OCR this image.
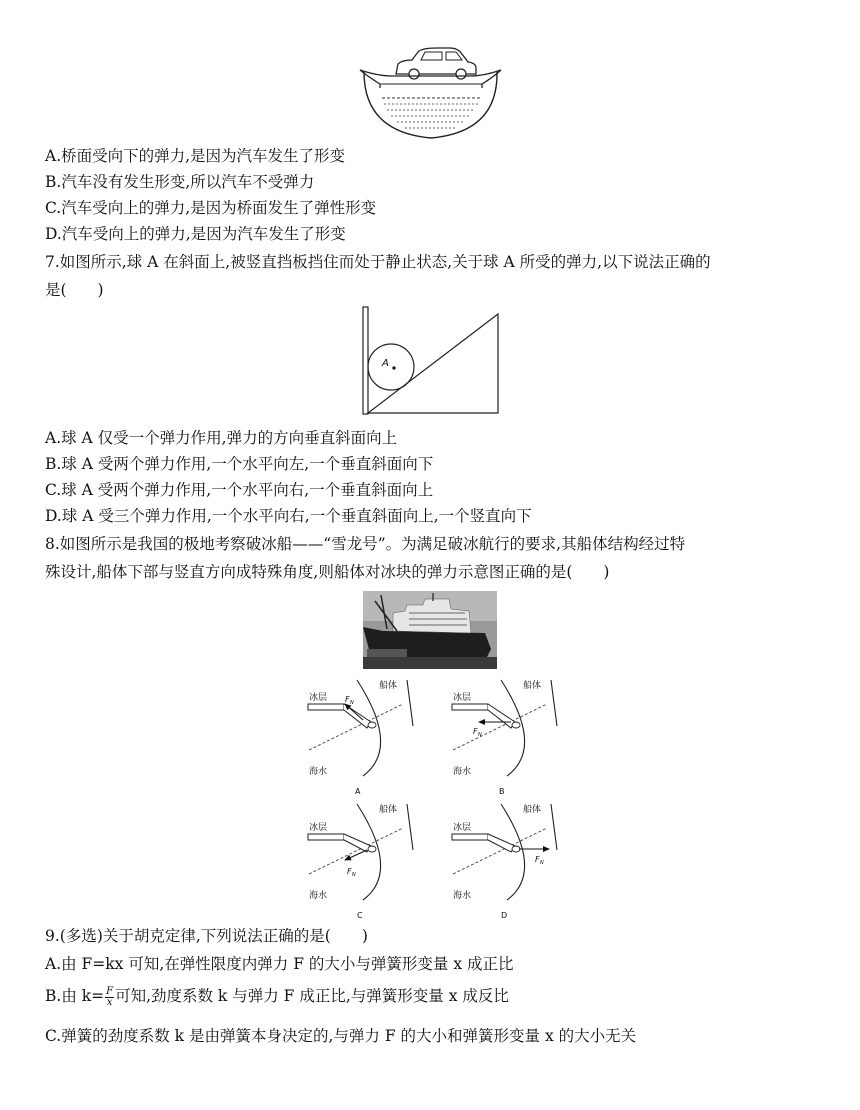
A.桥面受向下的弹力,是因为汽车发生了形变
B.汽车没有发生形变,所以汽车不受弹力
C.汽车受向上的弹力,是因为桥面发生了弹性形变
D.汽车受向上的弹力,是因为汽车发生了形变
7.如图所示,球 A 在斜面上,被竖直挡板挡住而处于静止状态,关于球 A 所受的弹力,以下说法正确的
是(　　)
A
A.球 A 仅受一个弹力作用,弹力的方向垂直斜面向上
B.球 A 受两个弹力作用,一个水平向左,一个垂直斜面向下
C.球 A 受两个弹力作用,一个水平向右,一个垂直斜面向上
D.球 A 受三个弹力作用,一个水平向右,一个垂直斜面向上,一个竖直向下
8.如图所示是我国的极地考察破冰船——“雪龙号”。为满足破冰航行的要求,其船体结构经过特
殊设计,船体下部与竖直方向成特殊角度,则船体对冰块的弹力示意图正确的是(　　)
冰层
船体
海水
F N
A
冰层
船体
海水
F N
B
冰层
船体
海水
F N
C
冰层
船体
海水
F N
D
9.(多选)关于胡克定律,下列说法正确的是(　　)
A.由 F=kx 可知,在弹性限度内弹力 F 的大小与弹簧形变量 x 成正比
B.由 $k= \frac{F}{x}$ 可知,劲度系数 k 与弹力 F 成正比,与弹簧形变量 x 成反比
C.弹簧的劲度系数 k 是由弹簧本身决定的,与弹力 F 的大小和弹簧形变量 x 的大小无关
